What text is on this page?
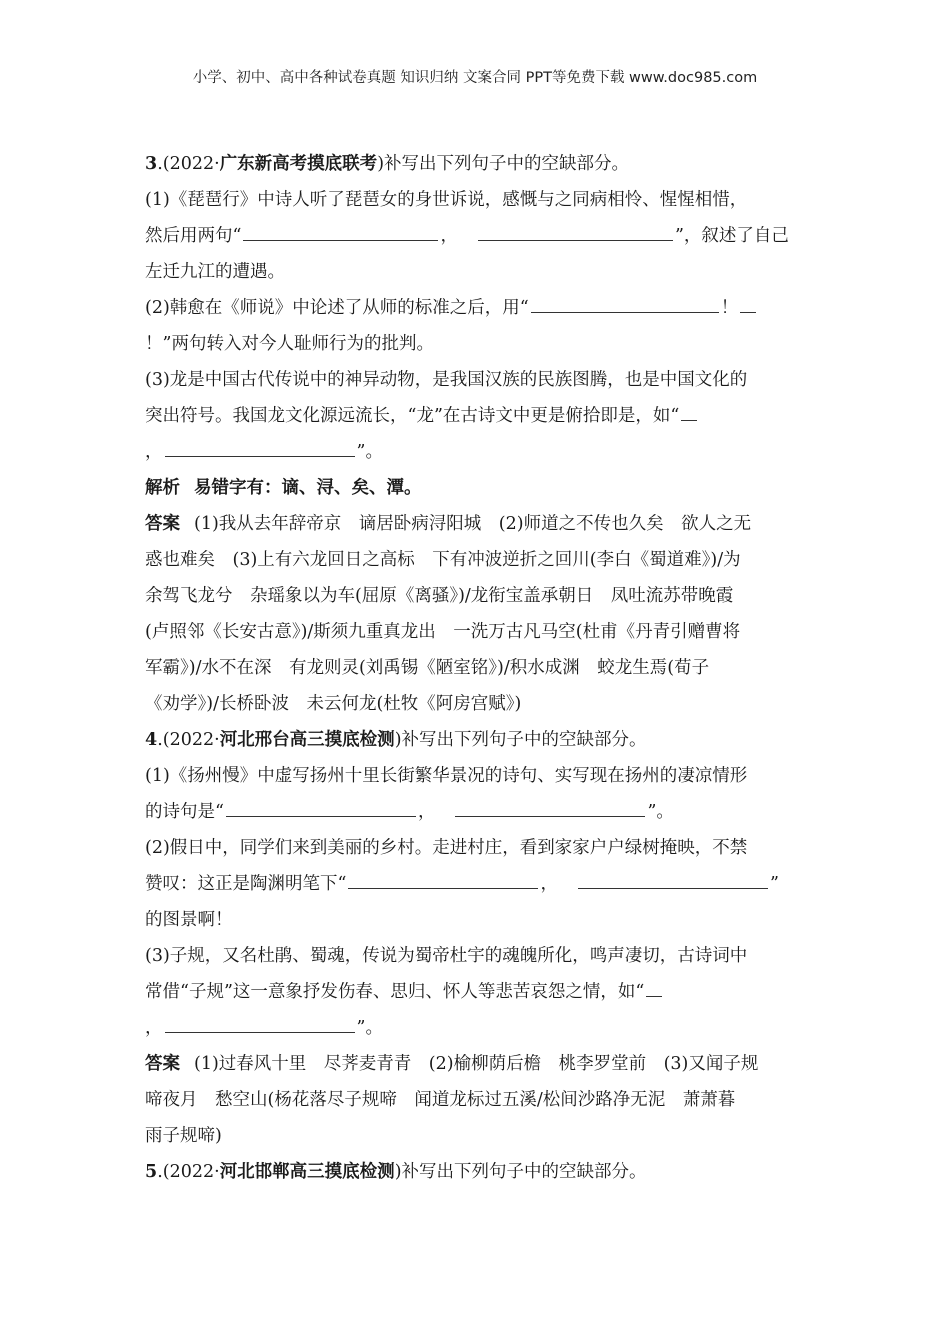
小学、初中、高中各种试卷真题 知识归纳 文案合同 PPT等免费下载 www.doc985.com
3.(2022·广东新高考摸底联考)补写出下列句子中的空缺部分。
(1)《琵琶行》中诗人听了琵琶女的身世诉说，感慨与之同病相怜、惺惺相惜，
然后用两句“	，	”，叙述了自己
左迁九江的遭遇。
(2)韩愈在《师说》中论述了从师的标准之后，用“	！
！”两句转入对今人耻师行为的批判。
(3)龙是中国古代传说中的神异动物，是我国汉族的民族图腾，也是中国文化的
突出符号。我国龙文化源远流长，“龙”在古诗文中更是俯拾即是，如“
，	”。
解析 易错字有：谪、浔、矣、潭。
答案 (1)我从去年辞帝京　谪居卧病浔阳城　(2)师道之不传也久矣　欲人之无
惑也难矣　(3)上有六龙回日之高标　下有冲波逆折之回川(李白《蜀道难》)/为
余驾飞龙兮　杂瑶象以为车(屈原《离骚》)/龙衔宝盖承朝日　凤吐流苏带晚霞
(卢照邻《长安古意》)/斯须九重真龙出　一洗万古凡马空(杜甫《丹青引赠曹将
军霸》)/水不在深　有龙则灵(刘禹锡《陋室铭》)/积水成渊　蛟龙生焉(荀子
《劝学》)/长桥卧波　未云何龙(杜牧《阿房宫赋》)
4.(2022·河北邢台高三摸底检测)补写出下列句子中的空缺部分。
(1)《扬州慢》中虚写扬州十里长街繁华景况的诗句、实写现在扬州的凄凉情形
的诗句是“	，	”。
(2)假日中，同学们来到美丽的乡村。走进村庄，看到家家户户绿树掩映，不禁
赞叹：这正是陶渊明笔下“	，	”
的图景啊！
(3)子规，又名杜鹃、蜀魂，传说为蜀帝杜宇的魂魄所化，鸣声凄切，古诗词中
常借“子规”这一意象抒发伤春、思归、怀人等悲苦哀怨之情，如“
，	”。
答案 (1)过春风十里　尽荠麦青青　(2)榆柳荫后檐　桃李罗堂前　(3)又闻子规
啼夜月　愁空山(杨花落尽子规啼　闻道龙标过五溪/松间沙路净无泥　萧萧暮
雨子规啼)
5.(2022·河北邯郸高三摸底检测)补写出下列句子中的空缺部分。
